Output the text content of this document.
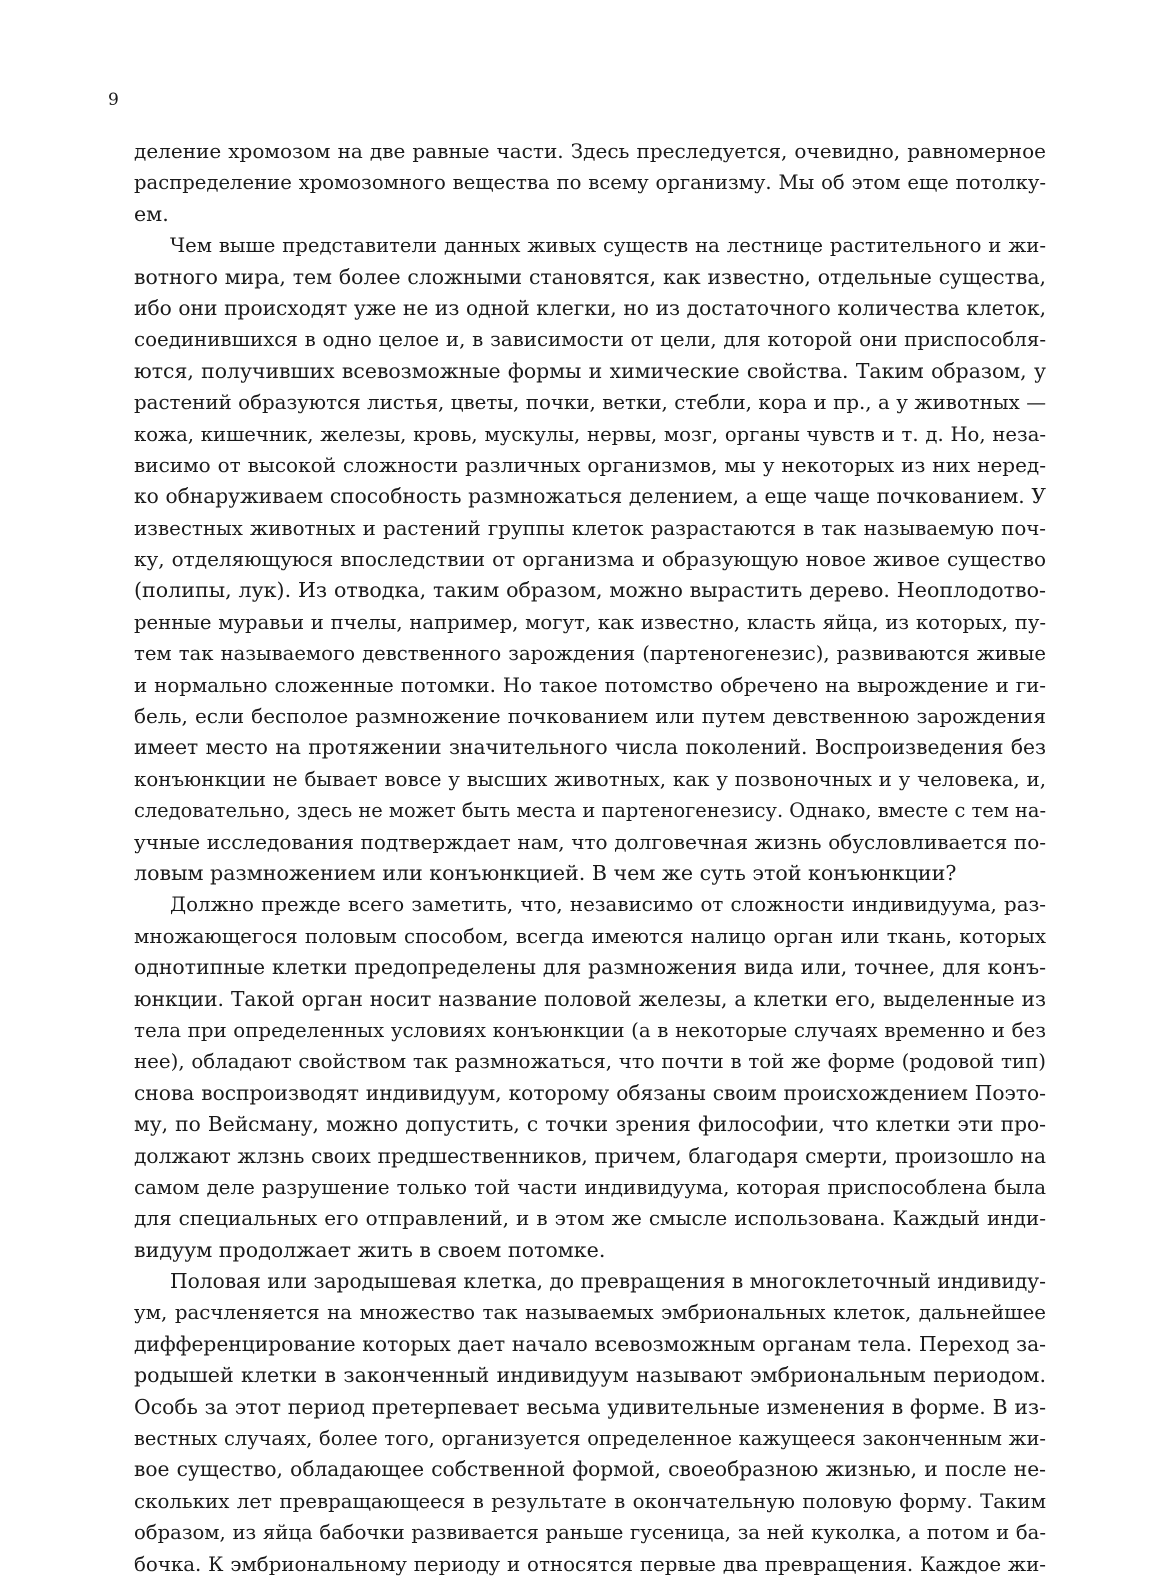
9
деление хромозом на две равные части. Здесь преследуется, очевидно, равномерное
распределение хромозомного вещества по всему организму. Мы об этом еще потолку-
ем.
Чем выше представители данных живых существ на лестнице растительного и жи-
вотного мира, тем более сложными становятся, как известно, отдельные существа,
ибо они происходят уже не из одной клегки, но из достаточного количества клеток,
соединившихся в одно целое и, в зависимости от цели, для которой они приспособля-
ются, получивших всевозможные формы и химические свойства. Таким образом, у
растений образуются листья, цветы, почки, ветки, стебли, кора и пр., а у животных —
кожа, кишечник, железы, кровь, мускулы, нервы, мозг, органы чувств и т. д. Но, неза-
висимо от высокой сложности различных организмов, мы у некоторых из них неред-
ко обнаруживаем способность размножаться делением, а еще чаще почкованием. У
известных животных и растений группы клеток разрастаются в так называемую поч-
ку, отделяющуюся впоследствии от организма и образующую новое живое существо
(полипы, лук). Из отводка, таким образом, можно вырастить дерево. Неоплодотво-
ренные муравьи и пчелы, например, могут, как известно, класть яйца, из которых, пу-
тем так называемого девственного зарождения (партеногенезис), развиваются живые
и нормально сложенные потомки. Но такое потомство обречено на вырождение и ги-
бель, если бесполое размножение почкованием или путем девственною зарождения
имеет место на протяжении значительного числа поколений. Воспроизведения без
конъюнкции не бывает вовсе у высших животных, как у позвоночных и у человека, и,
следовательно, здесь не может быть места и партеногенезису. Однако, вместе с тем на-
учные исследования подтверждает нам, что долговечная жизнь обусловливается по-
ловым размножением или конъюнкцией. В чем же суть этой конъюнкции?
Должно прежде всего заметить, что, независимо от сложности индивидуума, раз-
множающегося половым способом, всегда имеются налицо орган или ткань, которых
однотипные клетки предопределены для размножения вида или, точнее, для конъ-
юнкции. Такой орган носит название половой железы, а клетки его, выделенные из
тела при определенных условиях конъюнкции (а в некоторые случаях временно и без
нее), обладают свойством так размножаться, что почти в той же форме (родовой тип)
снова воспроизводят индивидуум, которому обязаны своим происхождением Поэто-
му, по Вейсману, можно допустить, с точки зрения философии, что клетки эти про-
должают жлзнь своих предшественников, причем, благодаря смерти, произошло на
самом деле разрушение только той части индивидуума, которая приспособлена была
для специальных его отправлений, и в этом же смысле использована. Каждый инди-
видуум продолжает жить в своем потомке.
Половая или зародышевая клетка, до превращения в многоклеточный индивиду-
ум, расчленяется на множество так называемых эмбриональных клеток, дальнейшее
дифференцирование которых дает начало всевозможным органам тела. Переход за-
родышей клетки в законченный индивидуум называют эмбриональным периодом.
Особь за этот период претерпевает весьма удивительные изменения в форме. В из-
вестных случаях, более того, организуется определенное кажущееся законченным жи-
вое существо, обладающее собственной формой, своеобразною жизнью, и после не-
скольких лет превращающееся в результате в окончательную половую форму. Таким
образом, из яйца бабочки развивается раньше гусеница, за ней куколка, а потом и ба-
бочка. К эмбриональному периоду и относятся первые два превращения. Каждое жи-
